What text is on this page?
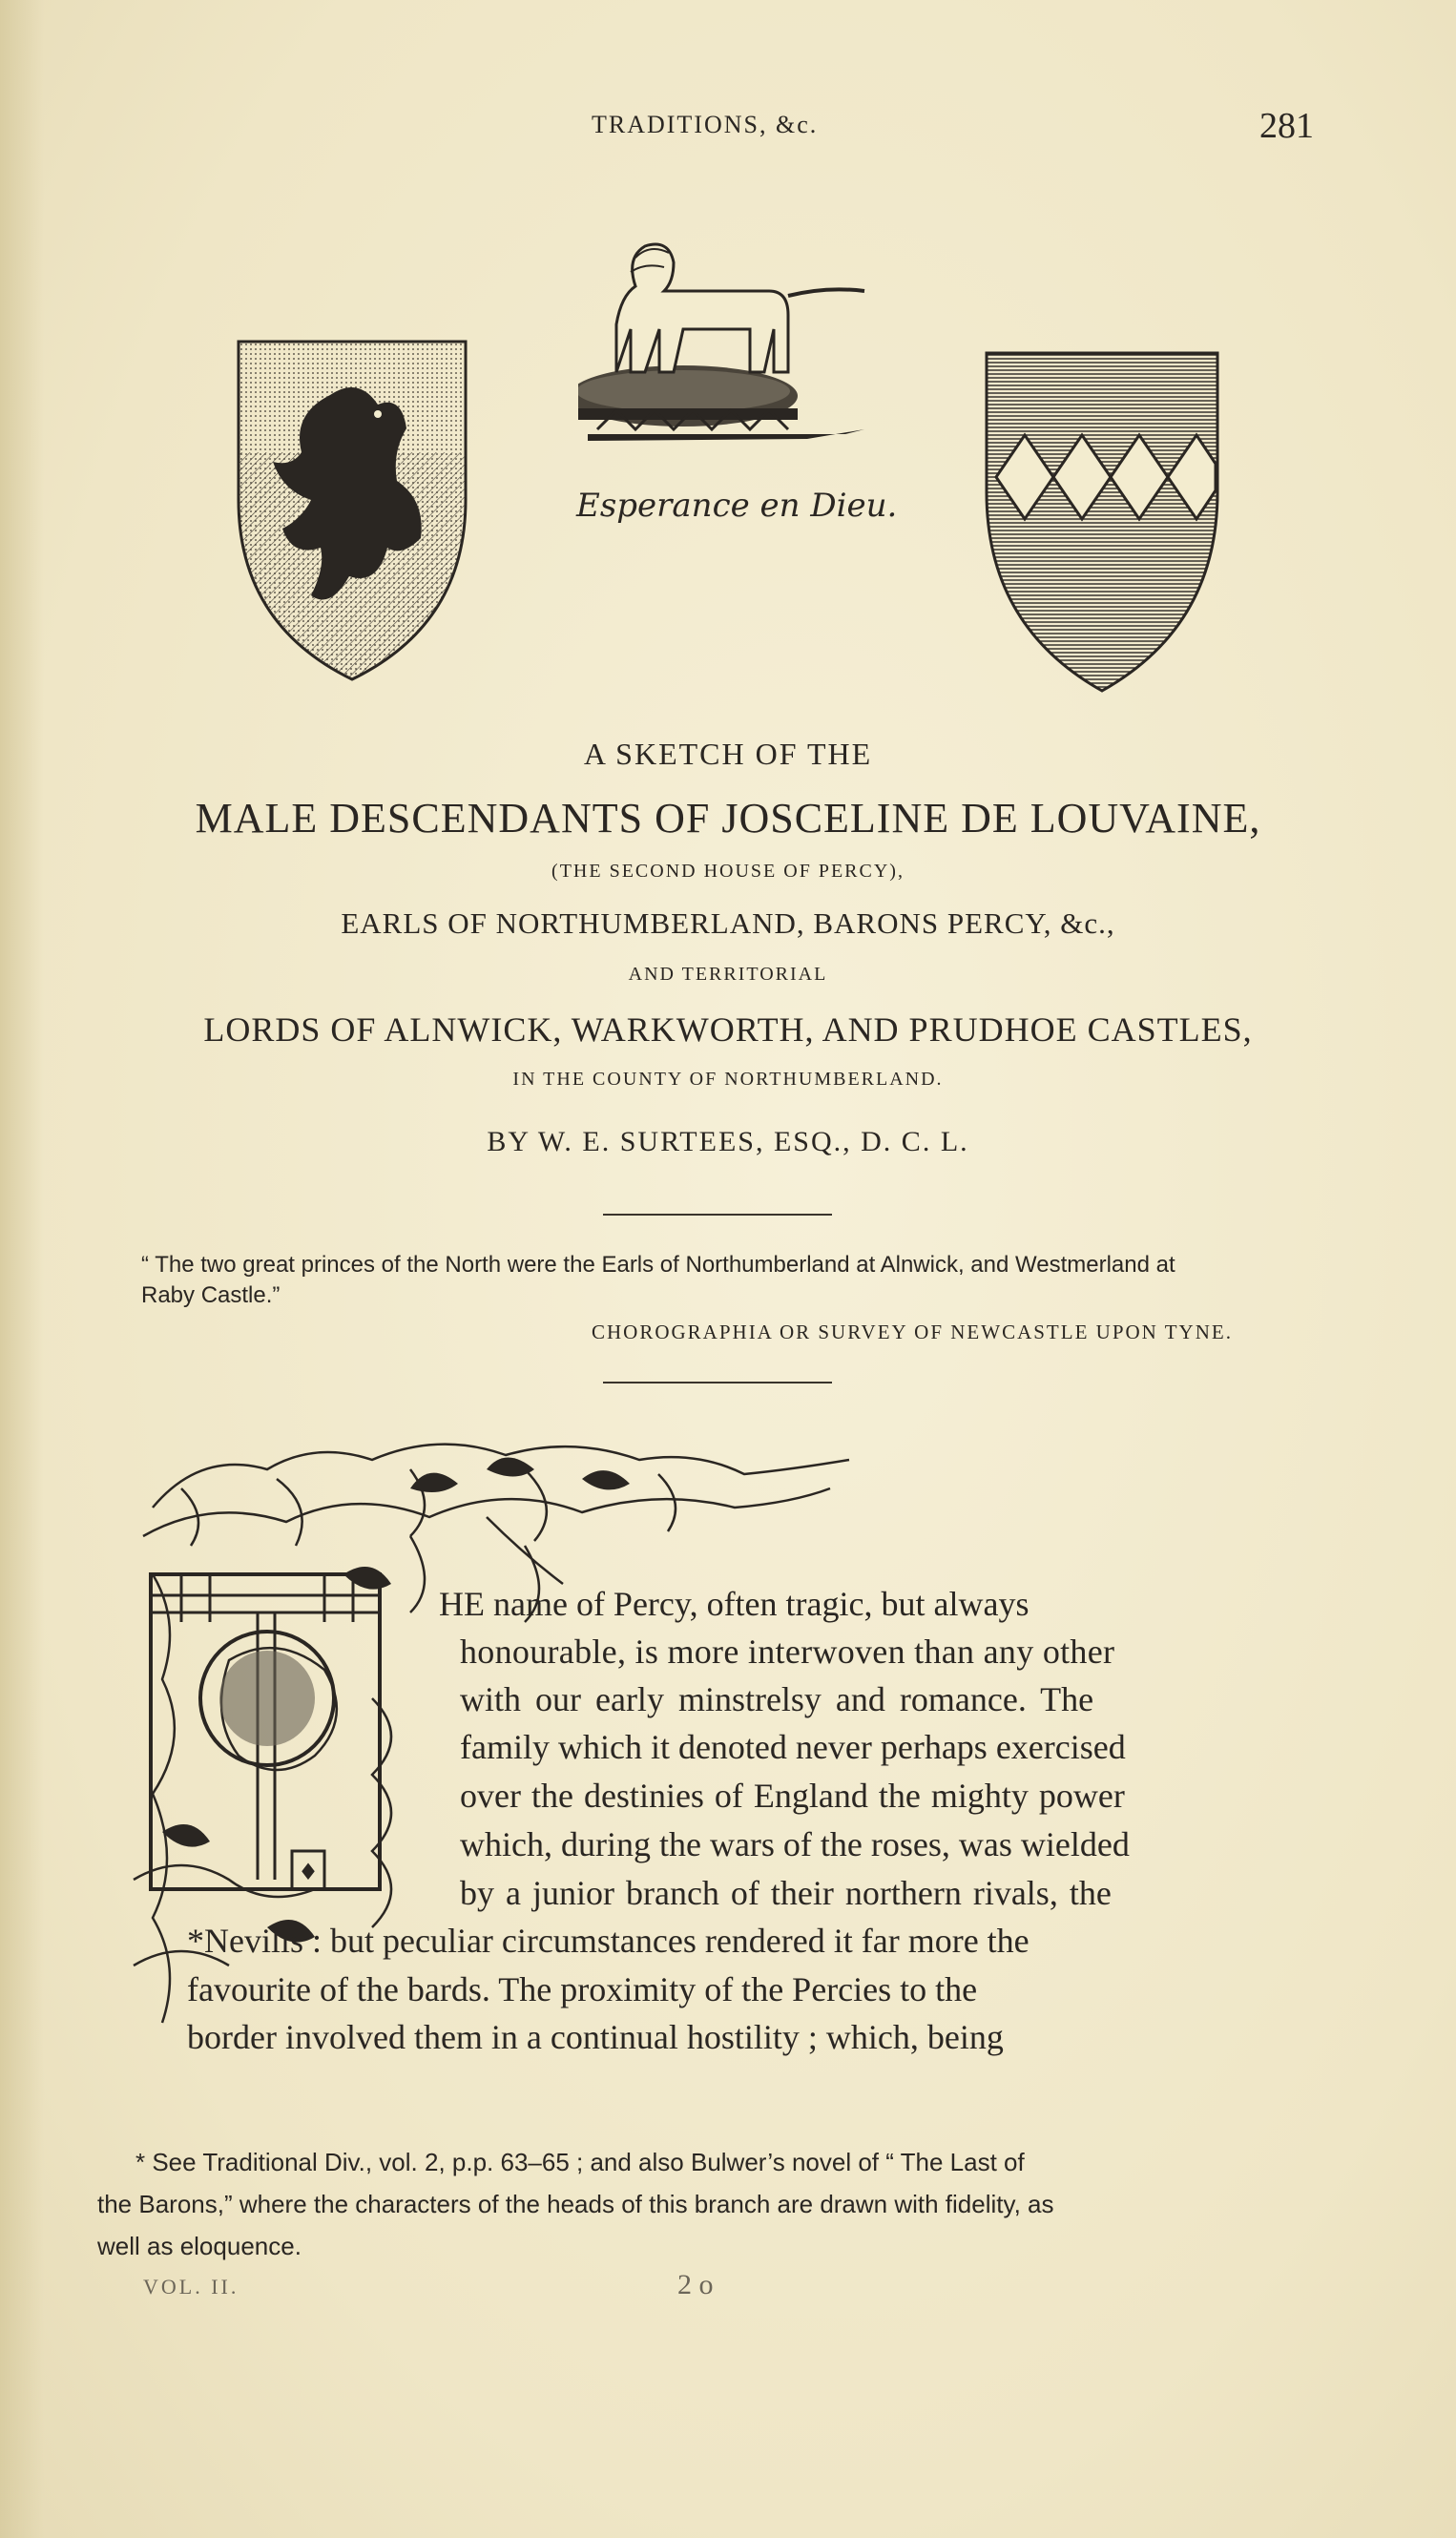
TRADITIONS, &c.	281
Esperance en Dieu.
A SKETCH OF THE
MALE DESCENDANTS OF JOSCELINE DE LOUVAINE,
(THE SECOND HOUSE OF PERCY),
EARLS OF NORTHUMBERLAND, BARONS PERCY, &c.,
AND TERRITORIAL
LORDS OF ALNWICK, WARKWORTH, AND PRUDHOE CASTLES,
IN THE COUNTY OF NORTHUMBERLAND.
BY W. E. SURTEES, ESQ., D. C. L.
“ The two great princes of the North were the Earls of Northumberland at Alnwick, and Westmerland at
Raby Castle.”
CHOROGRAPHIA OR SURVEY OF NEWCASTLE UPON TYNE.
♦
HE name of Percy, often tragic, but always
honourable, is more interwoven than any other
with our early minstrelsy and romance. The
family which it denoted never perhaps exercised
over the destinies of England the mighty power
which, during the wars of the roses, was wielded
by a junior branch of their northern rivals, the
*Nevills : but peculiar circumstances rendered it far more the
favourite of the bards. The proximity of the Percies to the
border involved them in a continual hostility ; which, being
* See Traditional Div., vol. 2, p.p. 63–65 ; and also Bulwer’s novel of “ The Last of
the Barons,” where the characters of the heads of this branch are drawn with fidelity, as
well as eloquence.
VOL. II.	2 o
